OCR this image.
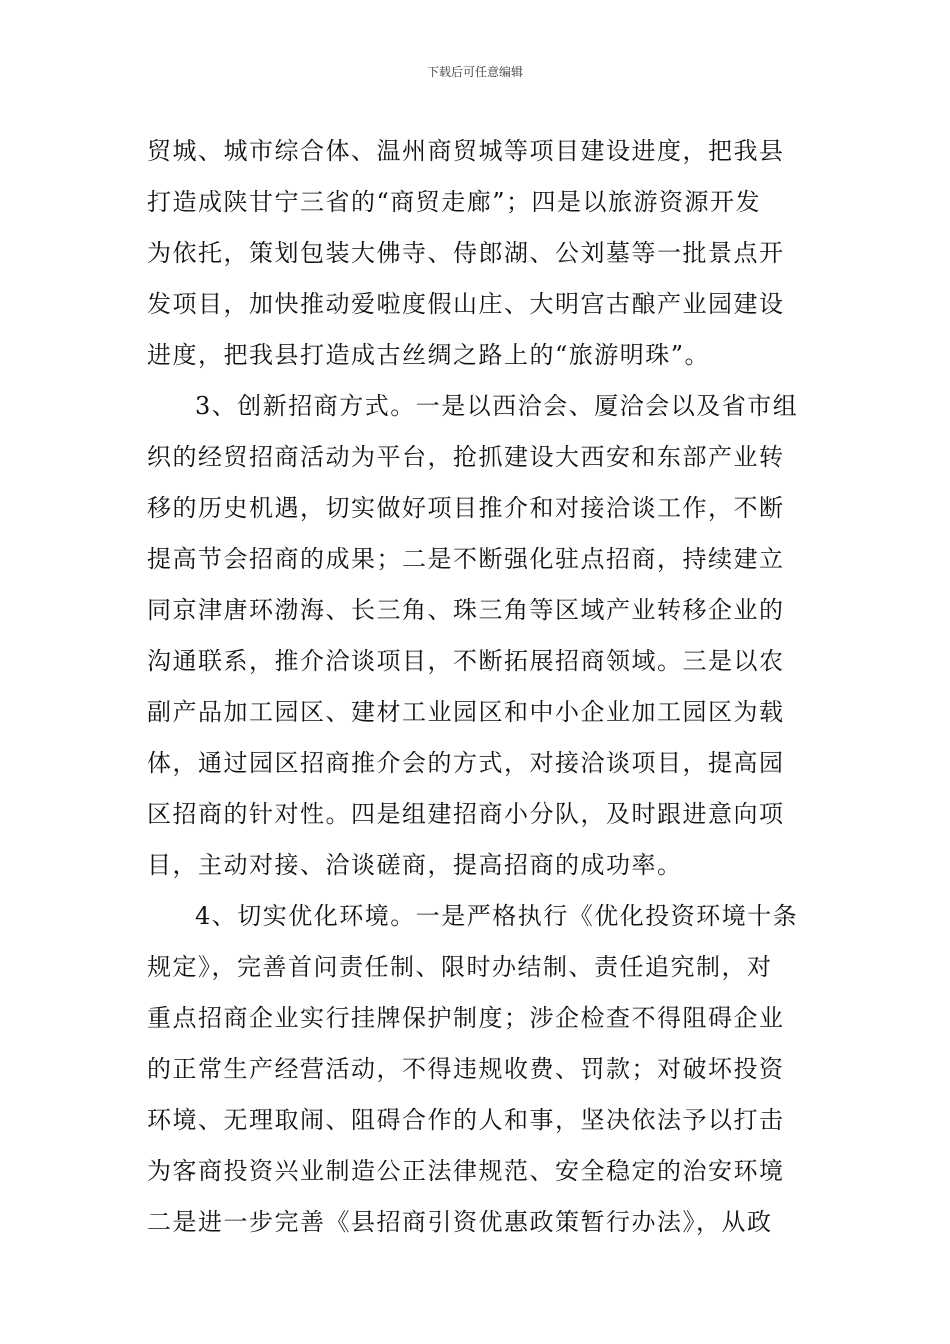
下载后可任意编辑
贸城、城市综合体、温州商贸城等项目建设进度，把我县
打造成陕甘宁三省的“商贸走廊”；四是以旅游资源开发
为依托，策划包装大佛寺、侍郎湖、公刘墓等一批景点开
发项目，加快推动爱啦度假山庄、大明宫古酿产业园建设
进度，把我县打造成古丝绸之路上的“旅游明珠”。
3、创新招商方式。一是以西洽会、厦洽会以及省市组
织的经贸招商活动为平台，抢抓建设大西安和东部产业转
移的历史机遇，切实做好项目推介和对接洽谈工作，不断
提高节会招商的成果；二是不断强化驻点招商，持续建立
同京津唐环渤海、长三角、珠三角等区域产业转移企业的
沟通联系，推介洽谈项目，不断拓展招商领域。三是以农
副产品加工园区、建材工业园区和中小企业加工园区为载
体，通过园区招商推介会的方式，对接洽谈项目，提高园
区招商的针对性。四是组建招商小分队，及时跟进意向项
目，主动对接、洽谈磋商，提高招商的成功率。
4、切实优化环境。一是严格执行《优化投资环境十条
规定》，完善首问责任制、限时办结制、责任追究制，对
重点招商企业实行挂牌保护制度；涉企检查不得阻碍企业
的正常生产经营活动，不得违规收费、罚款；对破坏投资
环境、无理取闹、阻碍合作的人和事，坚决依法予以打击
为客商投资兴业制造公正法律规范、安全稳定的治安环境
二是进一步完善《县招商引资优惠政策暂行办法》，从政
